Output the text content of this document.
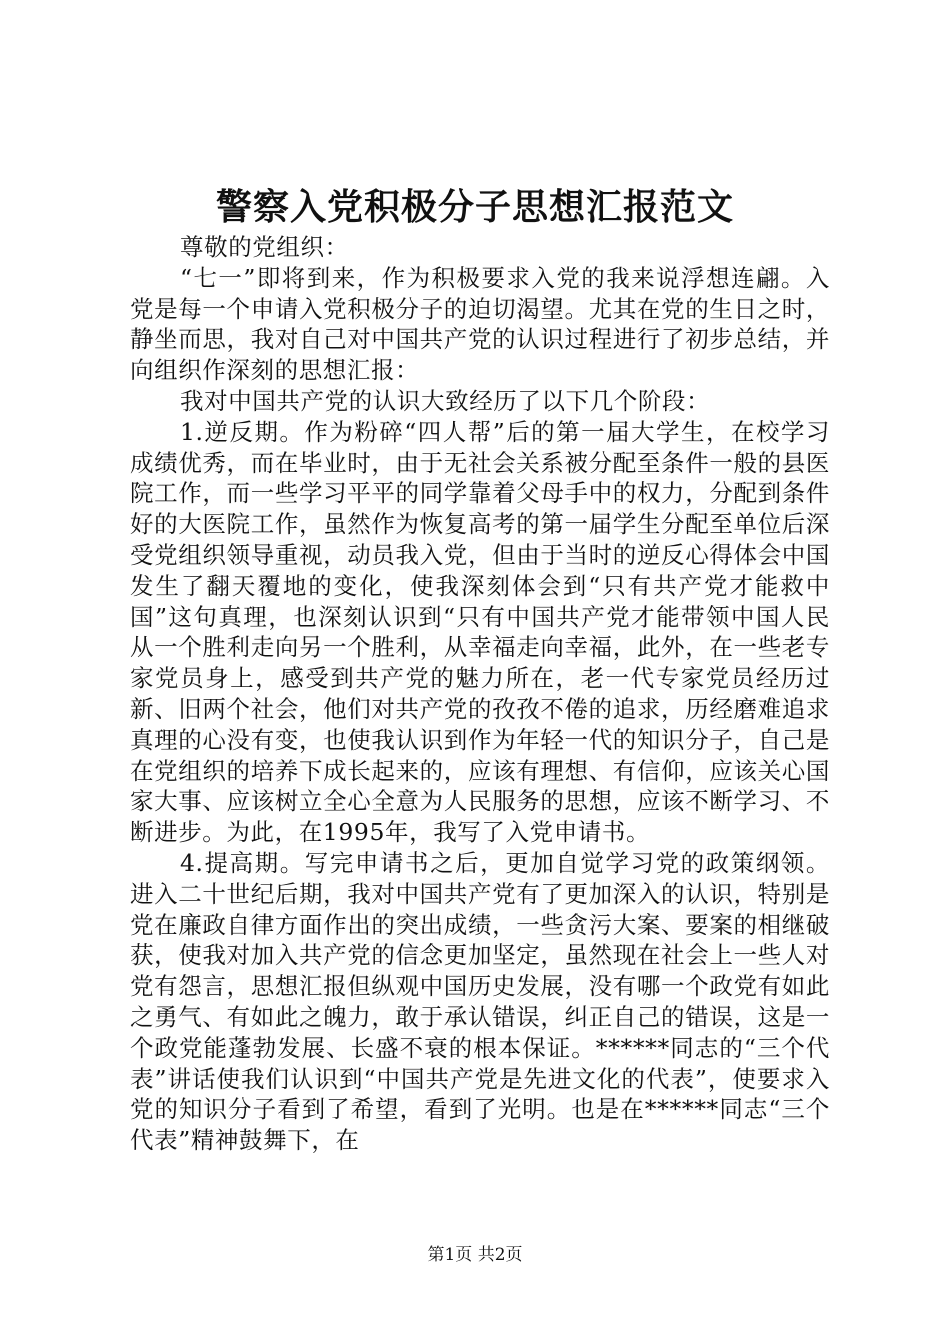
警察入党积极分子思想汇报范文

尊敬的党组织：

“七一”即将到来，作为积极要求入党的我来说浮想连翩。入党是每一个申请入党积极分子的迫切渴望。尤其在党的生日之时，静坐而思，我对自己对中国共产党的认识过程进行了初步总结，并向组织作深刻的思想汇报：

我对中国共产党的认识大致经历了以下几个阶段：

1.逆反期。作为粉碎“四人帮”后的第一届大学生，在校学习成绩优秀，而在毕业时，由于无社会关系被分配至条件一般的县医院工作，而一些学习平平的同学靠着父母手中的权力，分配到条件好的大医院工作，虽然作为恢复高考的第一届学生分配至单位后深受党组织领导重视，动员我入党，但由于当时的逆反心得体会中国发生了翻天覆地的变化，使我深刻体会到“只有共产党才能救中国”这句真理，也深刻认识到“只有中国共产党才能带领中国人民从一个胜利走向另一个胜利，从幸福走向幸福，此外，在一些老专家党员身上，感受到共产党的魅力所在，老一代专家党员经历过新、旧两个社会，他们对共产党的孜孜不倦的追求，历经磨难追求真理的心没有变，也使我认识到作为年轻一代的知识分子，自己是在党组织的培养下成长起来的，应该有理想、有信仰，应该关心国家大事、应该树立全心全意为人民服务的思想，应该不断学习、不断进步。为此，在1995年，我写了入党申请书。

4.提高期。写完申请书之后，更加自觉学习党的政策纲领。进入二十世纪后期，我对中国共产党有了更加深入的认识，特别是党在廉政自律方面作出的突出成绩，一些贪污大案、要案的相继破获，使我对加入共产党的信念更加坚定，虽然现在社会上一些人对党有怨言，思想汇报但纵观中国历史发展，没有哪一个政党有如此之勇气、有如此之魄力，敢于承认错误，纠正自己的错误，这是一个政党能蓬勃发展、长盛不衰的根本保证。******同志的“三个代表”讲话使我们认识到“中国共产党是先进文化的代表”，使要求入党的知识分子看到了希望，看到了光明。也是在******同志“三个代表”精神鼓舞下，在

第1页 共2页
